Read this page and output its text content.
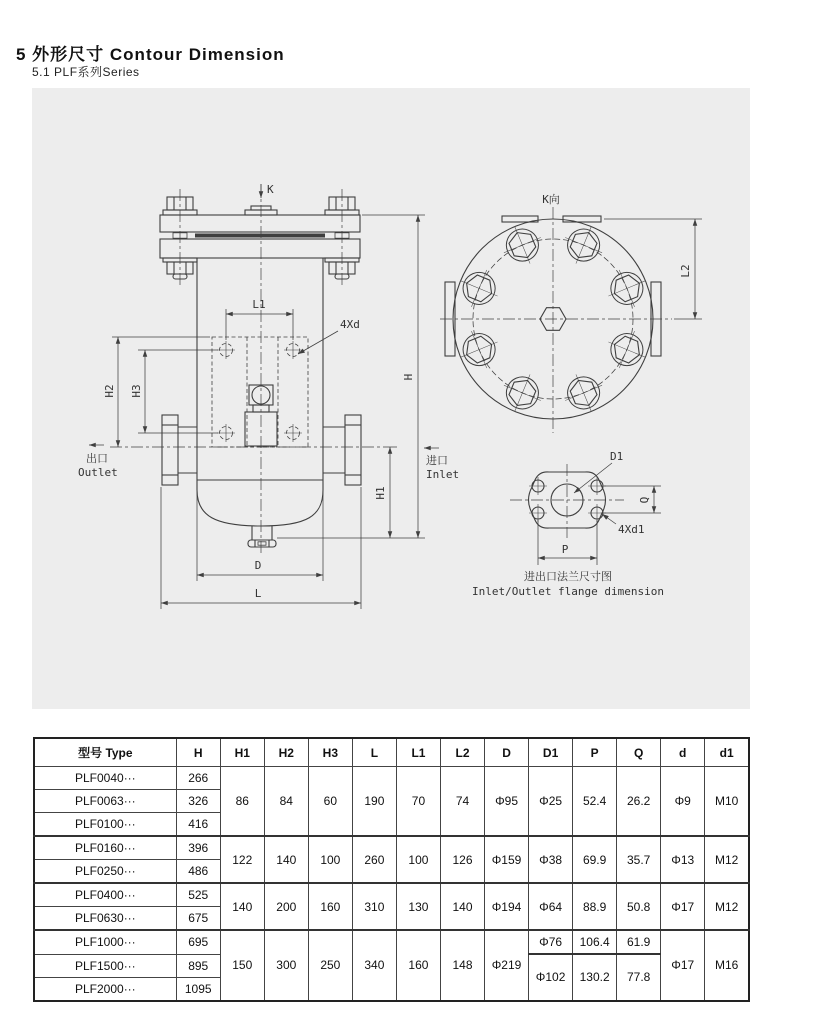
5 外形尺寸 Contour Dimension
5.1 PLF系列Series
K
L1
4Xd
H2 H3
出口
Outlet
进口
Inlet
H
H1
D
L
K向
L2
D1
4Xd1
Q
P
进出口法兰尺寸图
Inlet/Outlet flange dimension
型号 Type	H	H1	H2	H3	L	L1	L2	D	D1	P	Q	d	d1
PLF0040···	266	86	84	60	190	70	74	Φ95	Φ25	52.4	26.2	Φ9	M10
PLF0063···	326												
PLF0100···	416												
PLF0160···	396	122	140	100	260	100	126	Φ159	Φ38	69.9	35.7	Φ13	M12
PLF0250···	486												
PLF0400···	525	140	200	160	310	130	140	Φ194	Φ64	88.9	50.8	Φ17	M12
PLF0630···	675												
PLF1000···	695	150	300	250	340	160	148	Φ219	Φ76	106.4	61.9	Φ17	M16
PLF1500···	895								Φ102	130.2	77.8		
PLF2000···	1095												
